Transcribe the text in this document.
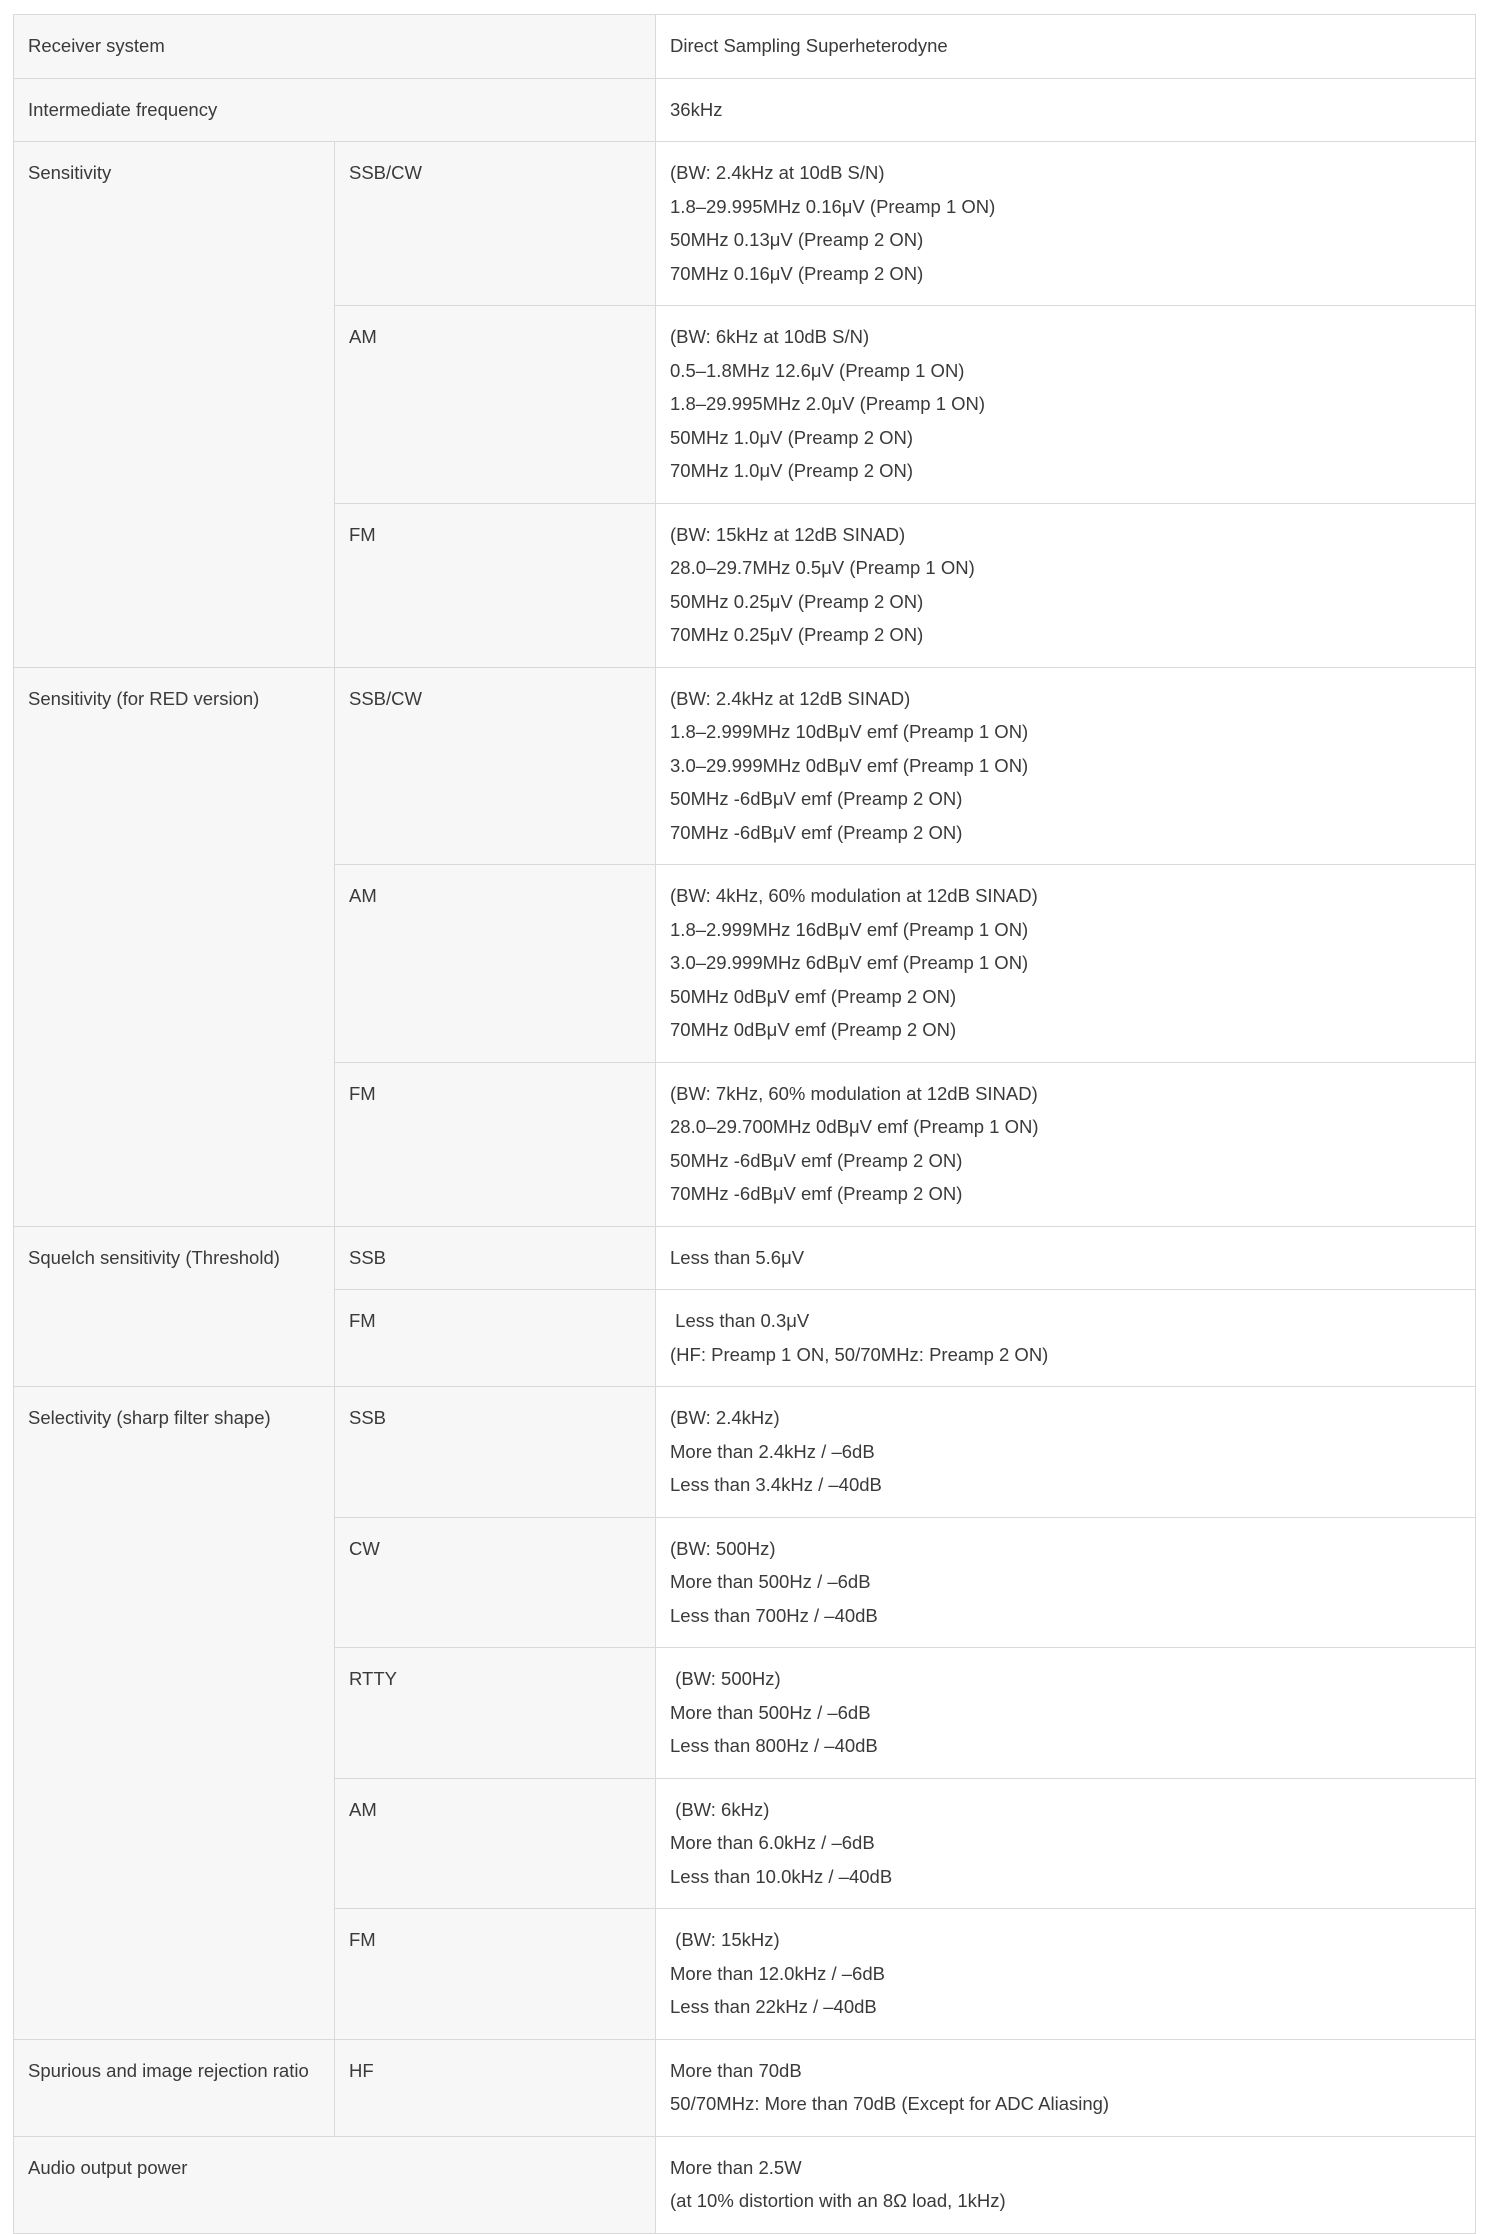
Receiver system		Direct Sampling Superheterodyne

Intermediate frequency		36kHz

Sensitivity	SSB/CW	(BW: 2.4kHz at 10dB S/N)
1.8–29.995MHz 0.16μV (Preamp 1 ON)
50MHz 0.13μV (Preamp 2 ON)
70MHz 0.16μV (Preamp 2 ON)

	AM	(BW: 6kHz at 10dB S/N)
0.5–1.8MHz 12.6μV (Preamp 1 ON)
1.8–29.995MHz 2.0μV (Preamp 1 ON)
50MHz 1.0μV (Preamp 2 ON)
70MHz 1.0μV (Preamp 2 ON)

	FM	(BW: 15kHz at 12dB SINAD)
28.0–29.7MHz 0.5μV (Preamp 1 ON)
50MHz 0.25μV (Preamp 2 ON)
70MHz 0.25μV (Preamp 2 ON)

Sensitivity (for RED version)	SSB/CW	(BW: 2.4kHz at 12dB SINAD)
1.8–2.999MHz 10dBμV emf (Preamp 1 ON)
3.0–29.999MHz 0dBμV emf (Preamp 1 ON)
50MHz -6dBμV emf (Preamp 2 ON)
70MHz -6dBμV emf (Preamp 2 ON)

	AM	(BW: 4kHz, 60% modulation at 12dB SINAD)
1.8–2.999MHz 16dBμV emf (Preamp 1 ON)
3.0–29.999MHz 6dBμV emf (Preamp 1 ON)
50MHz 0dBμV emf (Preamp 2 ON)
70MHz 0dBμV emf (Preamp 2 ON)

	FM	(BW: 7kHz, 60% modulation at 12dB SINAD)
28.0–29.700MHz 0dBμV emf (Preamp 1 ON)
50MHz -6dBμV emf (Preamp 2 ON)
70MHz -6dBμV emf (Preamp 2 ON)

Squelch sensitivity (Threshold)	SSB	Less than 5.6μV

	FM	Less than 0.3μV
(HF: Preamp 1 ON, 50/70MHz: Preamp 2 ON)

Selectivity (sharp filter shape)	SSB	(BW: 2.4kHz)
More than 2.4kHz / –6dB
Less than 3.4kHz / –40dB

	CW	(BW: 500Hz)
More than 500Hz / –6dB
Less than 700Hz / –40dB

	RTTY	(BW: 500Hz)
More than 500Hz / –6dB
Less than 800Hz / –40dB

	AM	(BW: 6kHz)
More than 6.0kHz / –6dB
Less than 10.0kHz / –40dB

	FM	(BW: 15kHz)
More than 12.0kHz / –6dB
Less than 22kHz / –40dB

Spurious and image rejection ratio	HF	More than 70dB
50/70MHz: More than 70dB (Except for ADC Aliasing)

Audio output power		More than 2.5W
(at 10% distortion with an 8Ω load, 1kHz)
